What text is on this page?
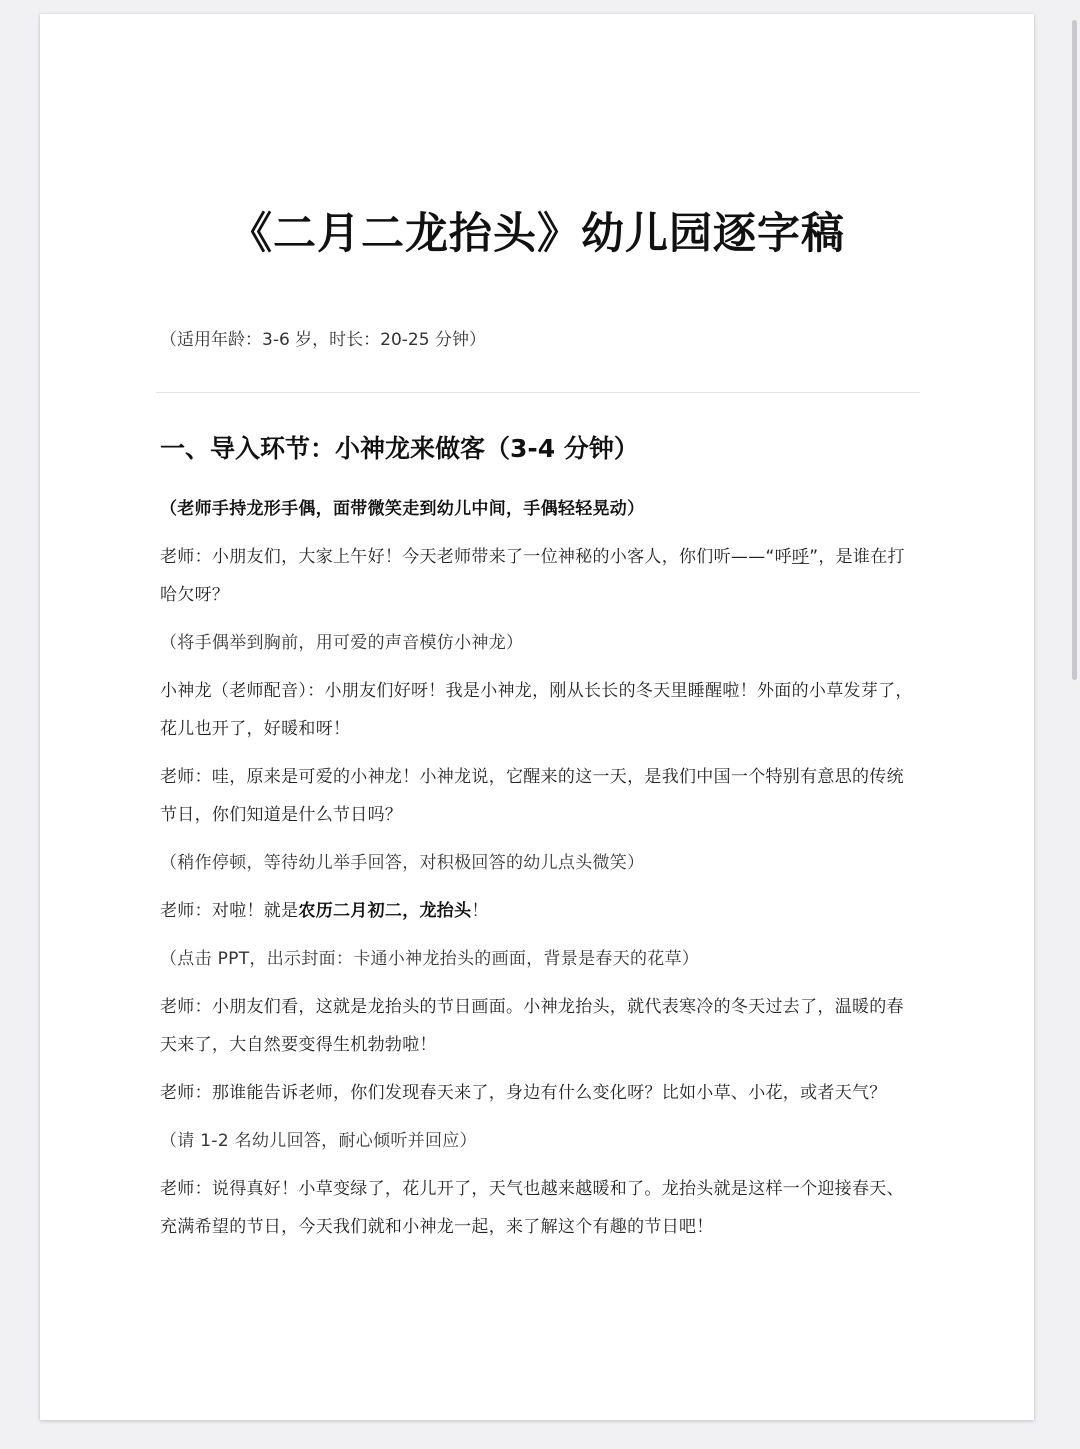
《二月二龙抬头》幼儿园逐字稿

（适用年龄：3-6 岁，时长：20-25 分钟）

一、导入环节：小神龙来做客（3-4 分钟）

（老师手持龙形手偶，面带微笑走到幼儿中间，手偶轻轻晃动）

老师：小朋友们，大家上午好！今天老师带来了一位神秘的小客人，你们听——“呼呼”，是谁在打哈欠呀？

（将手偶举到胸前，用可爱的声音模仿小神龙）

小神龙（老师配音）：小朋友们好呀！我是小神龙，刚从长长的冬天里睡醒啦！外面的小草发芽了，花儿也开了，好暖和呀！

老师：哇，原来是可爱的小神龙！小神龙说，它醒来的这一天，是我们中国一个特别有意思的传统节日，你们知道是什么节日吗？

（稍作停顿，等待幼儿举手回答，对积极回答的幼儿点头微笑）

老师：对啦！就是农历二月初二，龙抬头！

（点击 PPT，出示封面：卡通小神龙抬头的画面，背景是春天的花草）

老师：小朋友们看，这就是龙抬头的节日画面。小神龙抬头，就代表寒冷的冬天过去了，温暖的春天来了，大自然要变得生机勃勃啦！

老师：那谁能告诉老师，你们发现春天来了，身边有什么变化呀？比如小草、小花，或者天气？

（请 1-2 名幼儿回答，耐心倾听并回应）

老师：说得真好！小草变绿了，花儿开了，天气也越来越暖和了。龙抬头就是这样一个迎接春天、充满希望的节日，今天我们就和小神龙一起，来了解这个有趣的节日吧！
